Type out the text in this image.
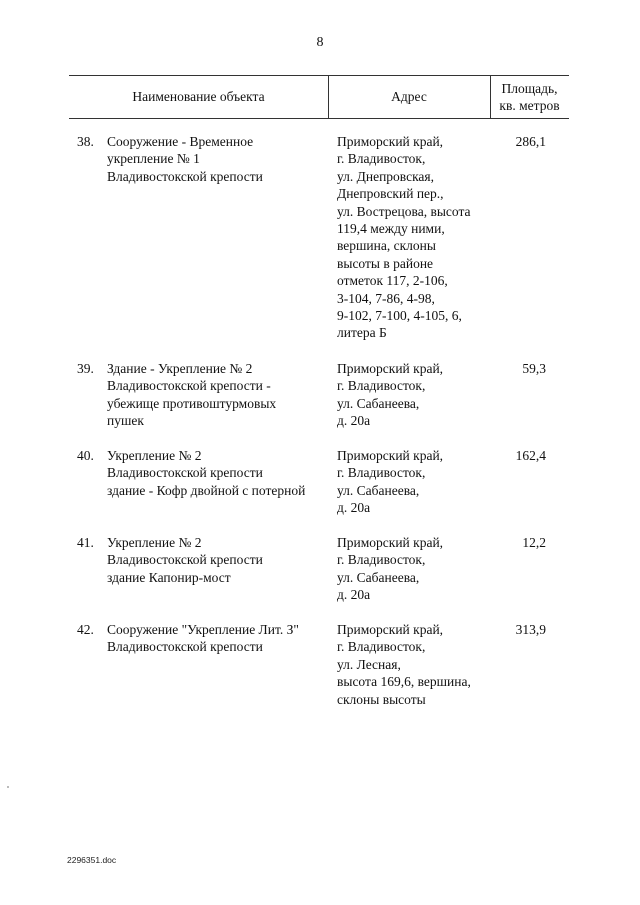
8
Наименование объекта	Адрес
Площадь,
кв. метров
38. Сооружение - Временное
укрепление № 1
Владивостокской крепости
Приморский край,
г. Владивосток,
ул. Днепровская,
Днепровский пер.,
ул. Вострецова, высота
119,4 между ними,
вершина, склоны
высоты в районе
отметок 117, 2-106,
3-104, 7-86, 4-98,
9-102, 7-100, 4-105, 6,
литера Б
286,1
39. Здание - Укрепление № 2
Владивостокской крепости -
убежище противоштурмовых
пушек
Приморский край,
г. Владивосток,
ул. Сабанеева,
д. 20а
59,3
40. Укрепление № 2
Владивостокской крепости
здание - Кофр двойной с потерной
Приморский край,
г. Владивосток,
ул. Сабанеева,
д. 20а
162,4
41. Укрепление № 2
Владивостокской крепости
здание Капонир-мост
Приморский край,
г. Владивосток,
ул. Сабанеева,
д. 20а
12,2
42. Сооружение "Укрепление Лит. З"
Владивостокской крепости
Приморский край,
г. Владивосток,
ул. Лесная,
высота 169,6, вершина,
склоны высоты
313,9
2296351.doc
